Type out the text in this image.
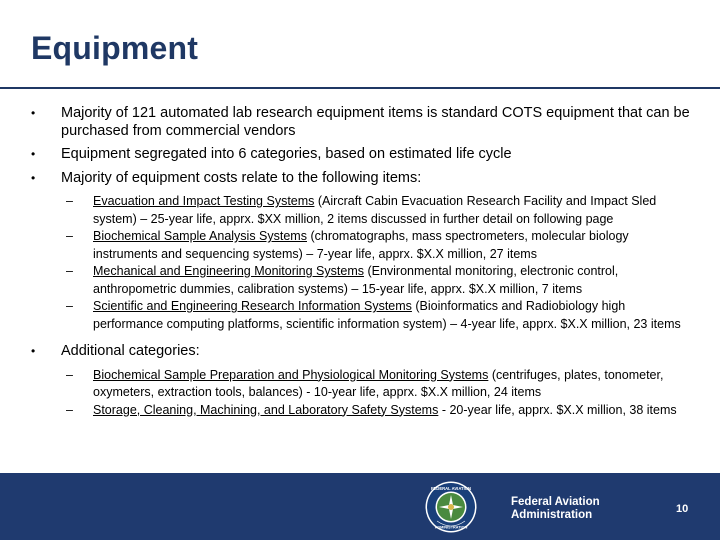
Equipment
• Majority of 121 automated lab research equipment items is standard COTS equipment that can be purchased from commercial vendors
• Equipment segregated into 6 categories, based on estimated life cycle
• Majority of equipment costs relate to the following items:
– Evacuation and Impact Testing Systems (Aircraft Cabin Evacuation Research Facility and Impact Sled system) – 25-year life, apprx. $XX million, 2 items discussed in further detail on following page
– Biochemical Sample Analysis Systems (chromatographs, mass spectrometers, molecular biology instruments and sequencing systems) – 7-year life, apprx. $X.X million, 27 items
– Mechanical and Engineering Monitoring Systems (Environmental monitoring, electronic control, anthropometric dummies, calibration systems) – 15-year life, apprx. $X.X million, 7 items
– Scientific and Engineering Research Information Systems (Bioinformatics and Radiobiology high performance computing platforms, scientific information system) – 4-year life, apprx. $X.X million, 23 items
• Additional categories:
– Biochemical Sample Preparation and Physiological Monitoring Systems (centrifuges, plates, tonometer, oxymeters, extraction tools, balances) - 10-year life, apprx. $X.X million, 24 items
– Storage, Cleaning, Machining, and Laboratory Safety Systems - 20-year life, apprx. $X.X million, 38 items
FEDERAL AVIATION
ADMINISTRATION
Federal Aviation
Administration	10
